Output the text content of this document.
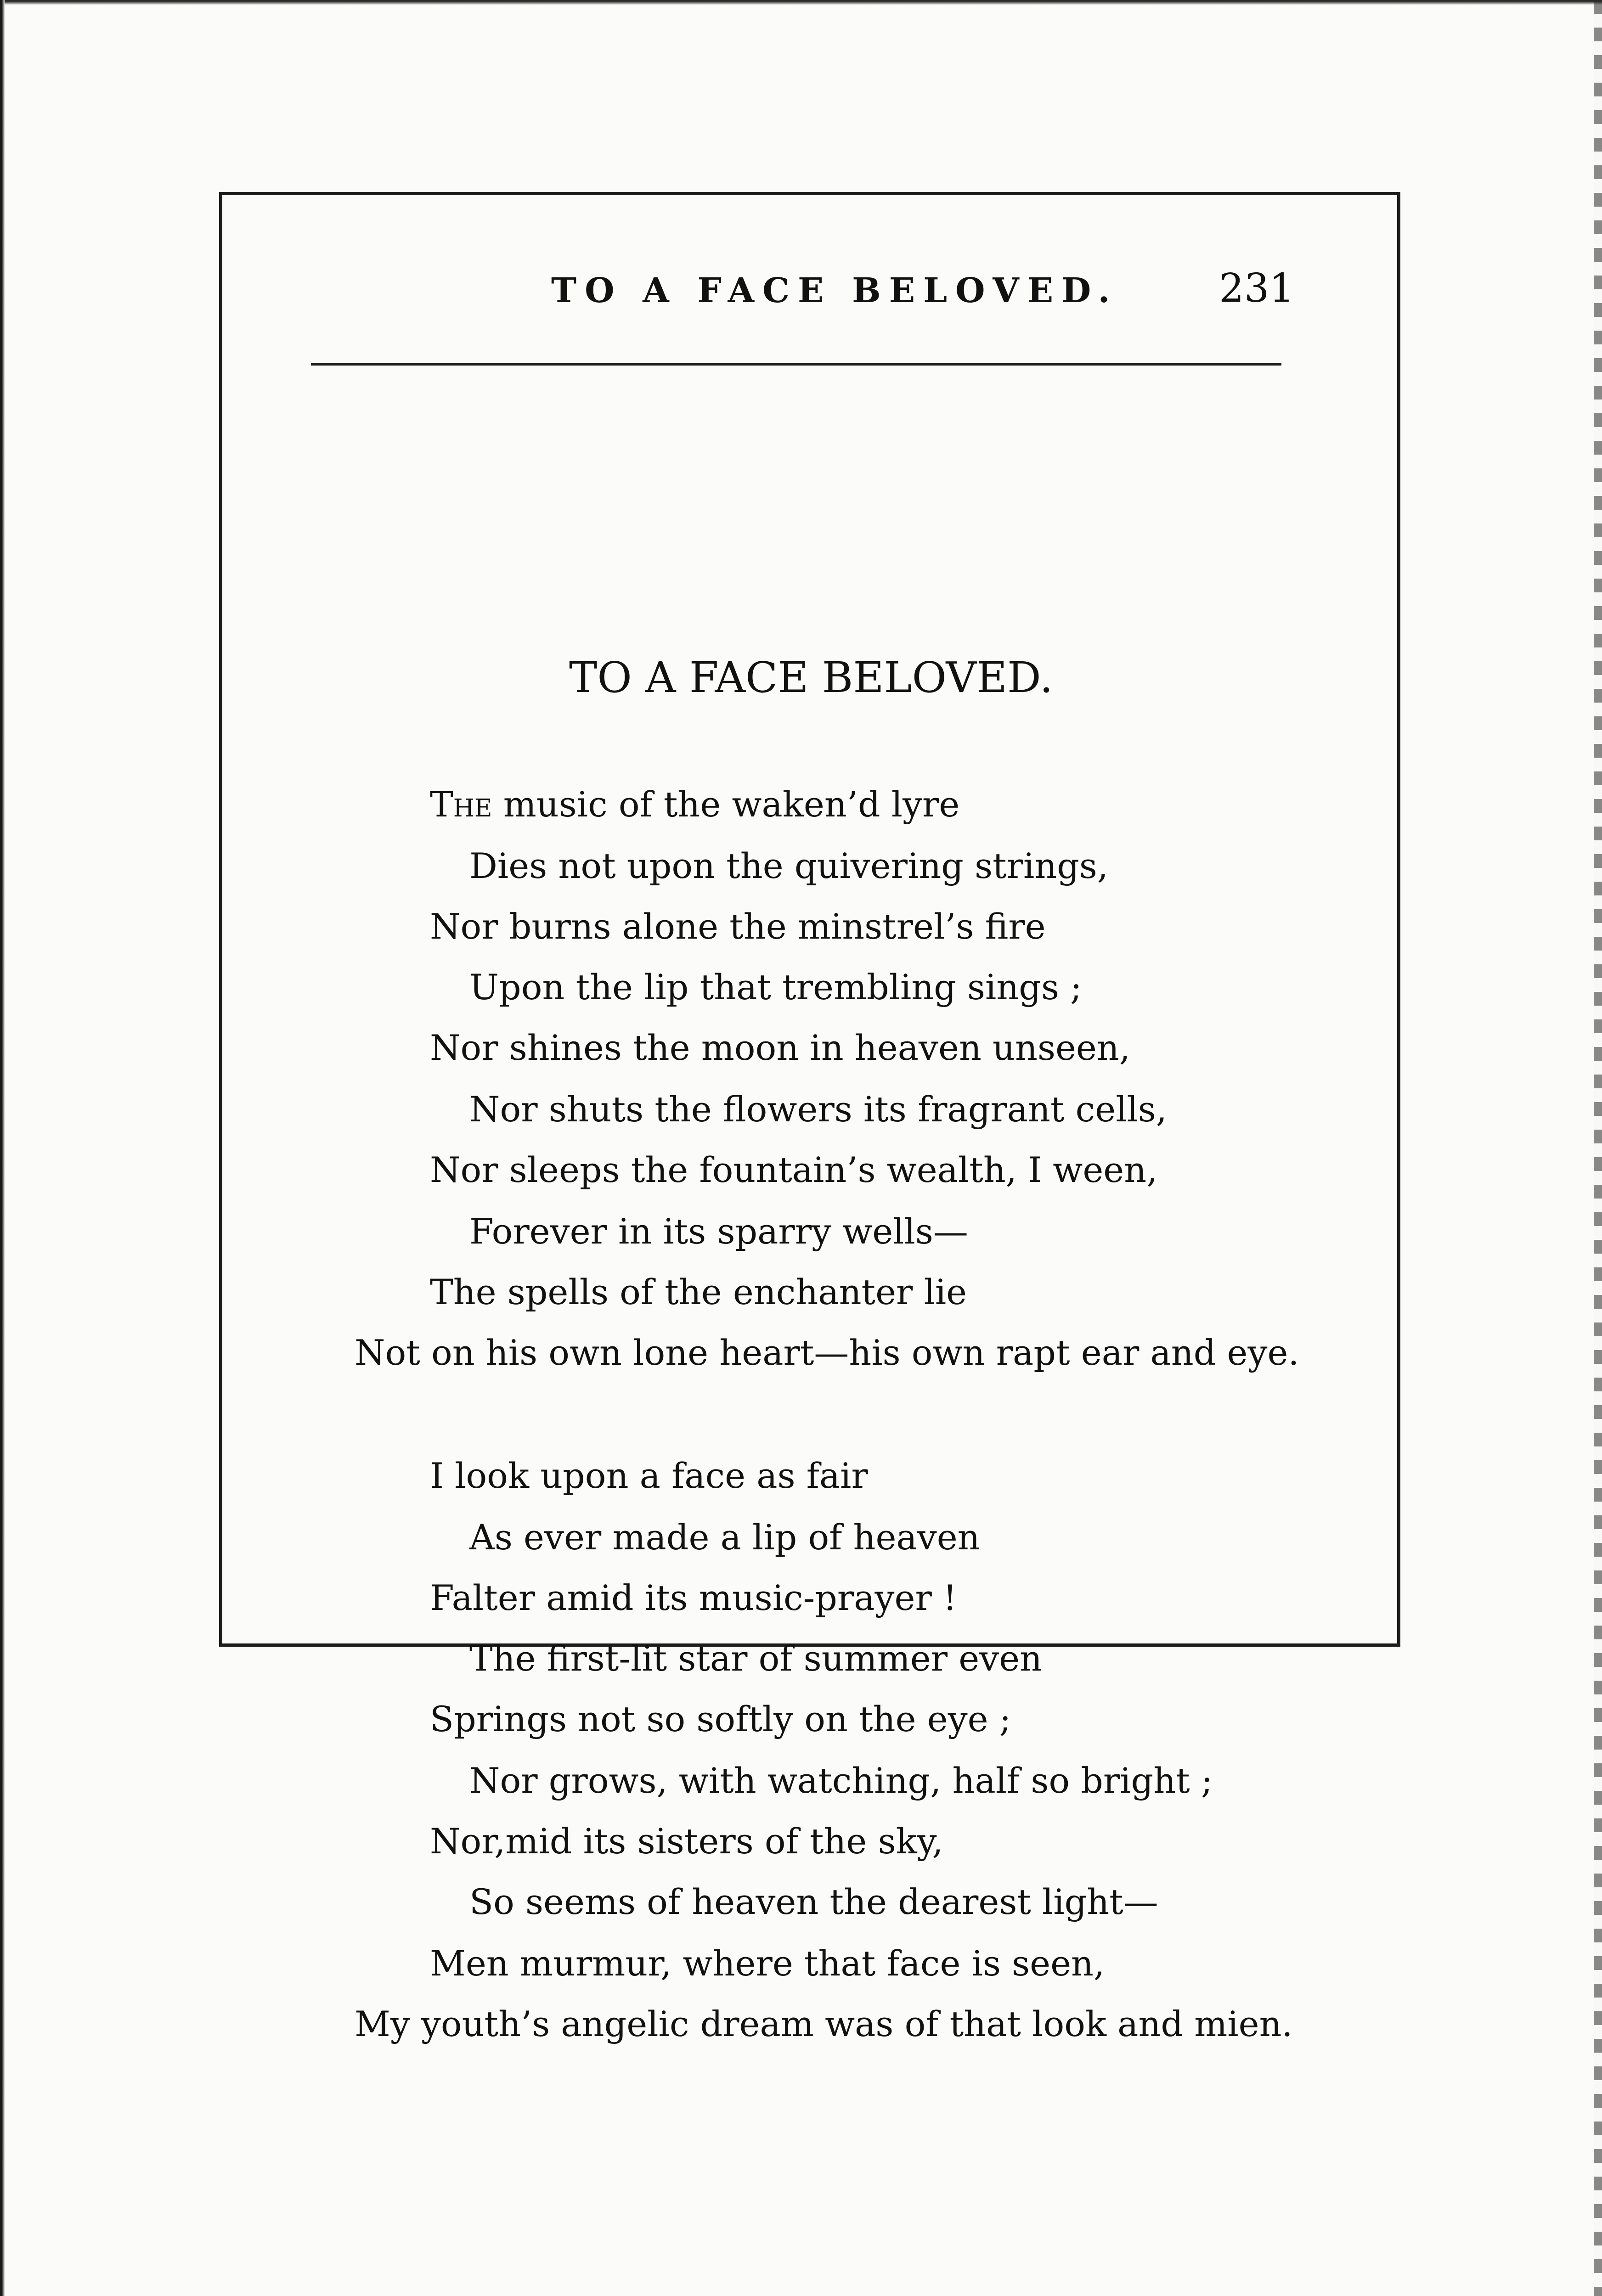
TO A FACE BELOVED.	231
TO A FACE BELOVED.
The music of the waken’d lyre
Dies not upon the quivering strings,
Nor burns alone the minstrel’s fire
Upon the lip that trembling sings ;
Nor shines the moon in heaven unseen,
Nor shuts the flowers its fragrant cells,
Nor sleeps the fountain’s wealth, I ween,
Forever in its sparry wells—
The spells of the enchanter lie
Not on his own lone heart—his own rapt ear and eye.
I look upon a face as fair
As ever made a lip of heaven
Falter amid its music-prayer !
The first-lit star of summer even
Springs not so softly on the eye ;
Nor grows, with watching, half so bright ;
Nor,mid its sisters of the sky,
So seems of heaven the dearest light—
Men murmur, where that face is seen,
My youth’s angelic dream was of that look and mien.
